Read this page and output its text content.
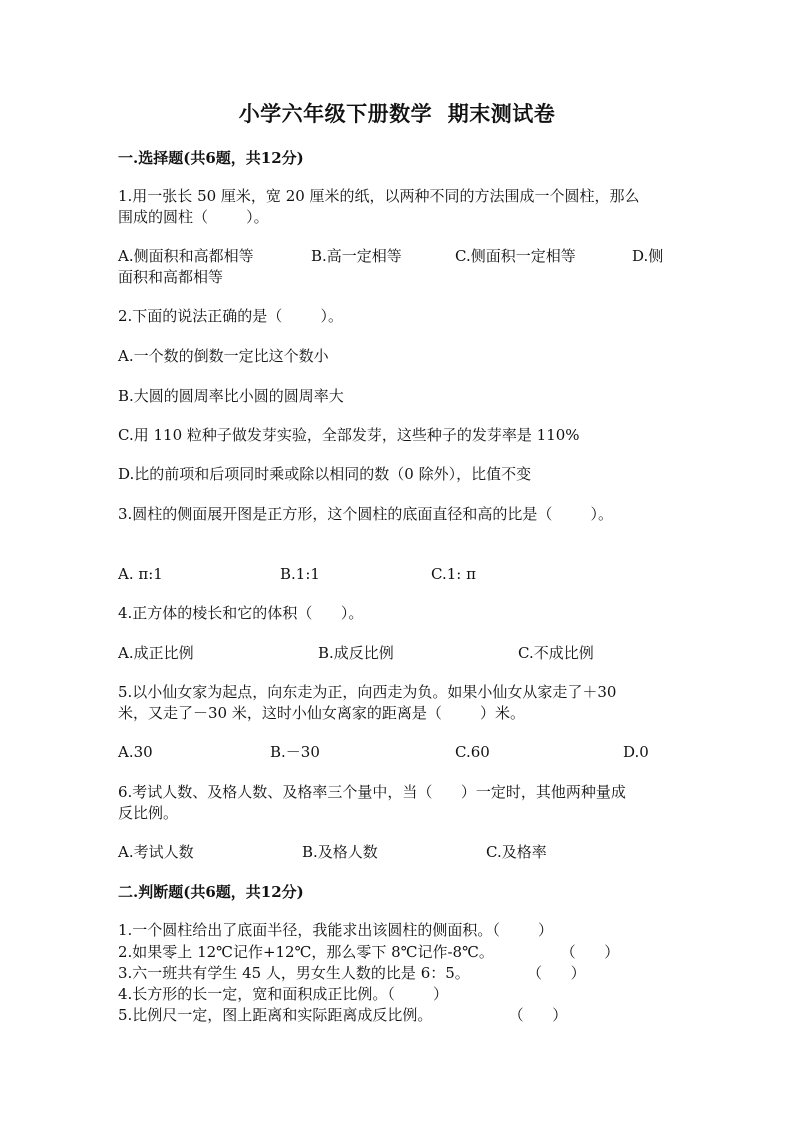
小学六年级下册数学  期末测试卷
一.选择题(共6题，共12分)
1.用一张长 50 厘米，宽 20 厘米的纸，以两种不同的方法围成一个圆柱，那么
围成的圆柱（        ）。
A.侧面积和高都相等	B.高一定相等	C.侧面积一定相等	D.侧
面积和高都相等
2.下面的说法正确的是（        ）。
A.一个数的倒数一定比这个数小
B.大圆的圆周率比小圆的圆周率大
C.用 110 粒种子做发芽实验，全部发芽，这些种子的发芽率是 110%
D.比的前项和后项同时乘或除以相同的数（0 除外），比值不变
3.圆柱的侧面展开图是正方形，这个圆柱的底面直径和高的比是（        ）。
A. π:1	B.1:1	C.1: π
4.正方体的棱长和它的体积（      ）。
A.成正比例	B.成反比例	C.不成比例
5.以小仙女家为起点，向东走为正，向西走为负。如果小仙女从家走了＋30
米，又走了－30 米，这时小仙女离家的距离是（        ）米。
A.30	B.－30	C.60	D.0
6.考试人数、及格人数、及格率三个量中，当（      ）一定时，其他两种量成
反比例。
A.考试人数	B.及格人数	C.及格率
二.判断题(共6题，共12分)
1.一个圆柱给出了底面半径，我能求出该圆柱的侧面积。（        ）
2.如果零上 12℃记作+12℃，那么零下 8℃记作-8℃。              （      ）
3.六一班共有学生 45 人，男女生人数的比是 6：5。            （      ）
4.长方形的长一定，宽和面积成正比例。（        ）
5.比例尺一定，图上距离和实际距离成反比例。                （      ）
